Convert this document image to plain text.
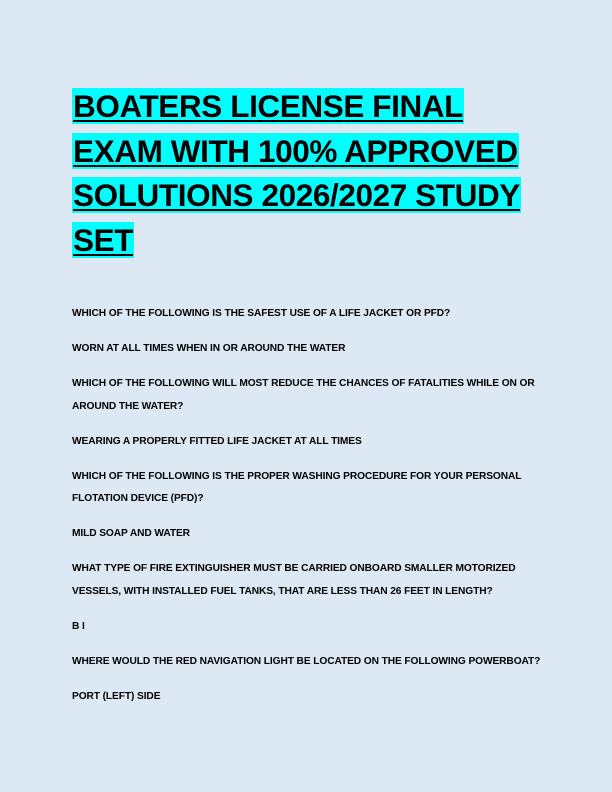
BOATERS LICENSE FINAL EXAM WITH 100% APPROVED SOLUTIONS 2026/2027 STUDY SET

WHICH OF THE FOLLOWING IS THE SAFEST USE OF A LIFE JACKET OR PFD?

WORN AT ALL TIMES WHEN IN OR AROUND THE WATER

WHICH OF THE FOLLOWING WILL MOST REDUCE THE CHANCES OF FATALITIES WHILE ON OR AROUND THE WATER?

WEARING A PROPERLY FITTED LIFE JACKET AT ALL TIMES

WHICH OF THE FOLLOWING IS THE PROPER WASHING PROCEDURE FOR YOUR PERSONAL FLOTATION DEVICE (PFD)?

MILD SOAP AND WATER

WHAT TYPE OF FIRE EXTINGUISHER MUST BE CARRIED ONBOARD SMALLER MOTORIZED VESSELS, WITH INSTALLED FUEL TANKS, THAT ARE LESS THAN 26 FEET IN LENGTH?

B I

WHERE WOULD THE RED NAVIGATION LIGHT BE LOCATED ON THE FOLLOWING POWERBOAT?

PORT (LEFT) SIDE
